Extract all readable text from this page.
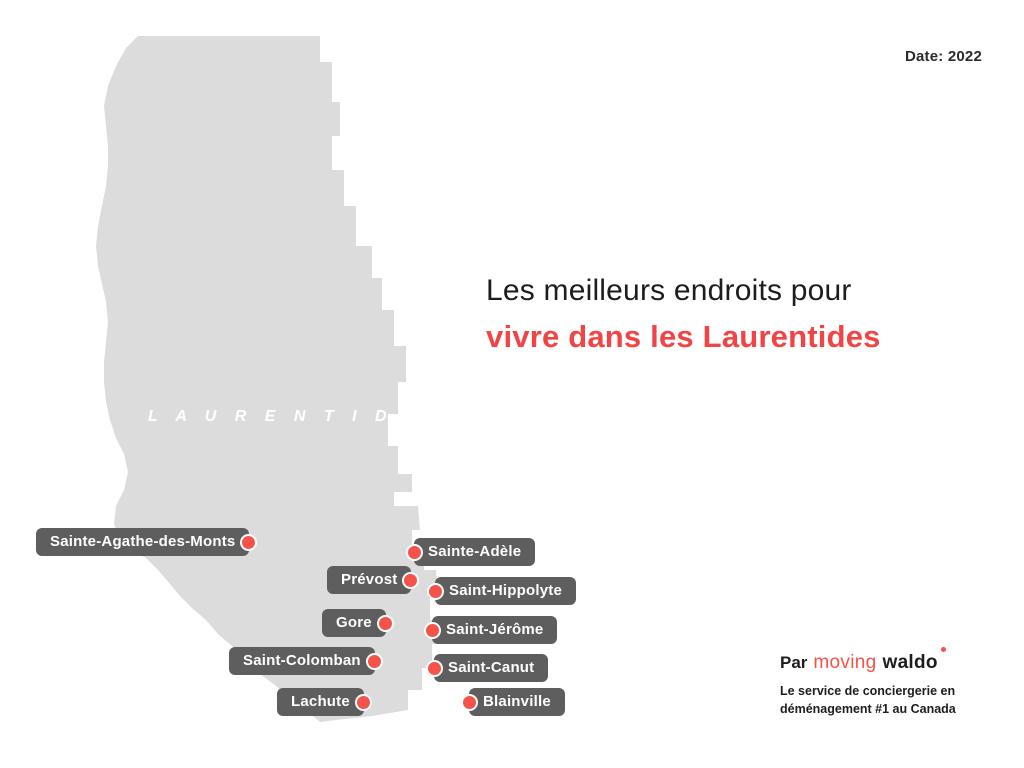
Date: 2022
L A U R E N T I D E S
Les meilleurs endroits pour
vivre dans les Laurentides
Sainte-Agathe-des-Monts
Sainte-Adèle
Prévost
Saint-Hippolyte
Gore	Saint-Jérôme
Saint-Colomban	Saint-Canut
Lachute	Blainville
Par moving waldo
Le service de conciergerie en déménagement #1 au Canada
